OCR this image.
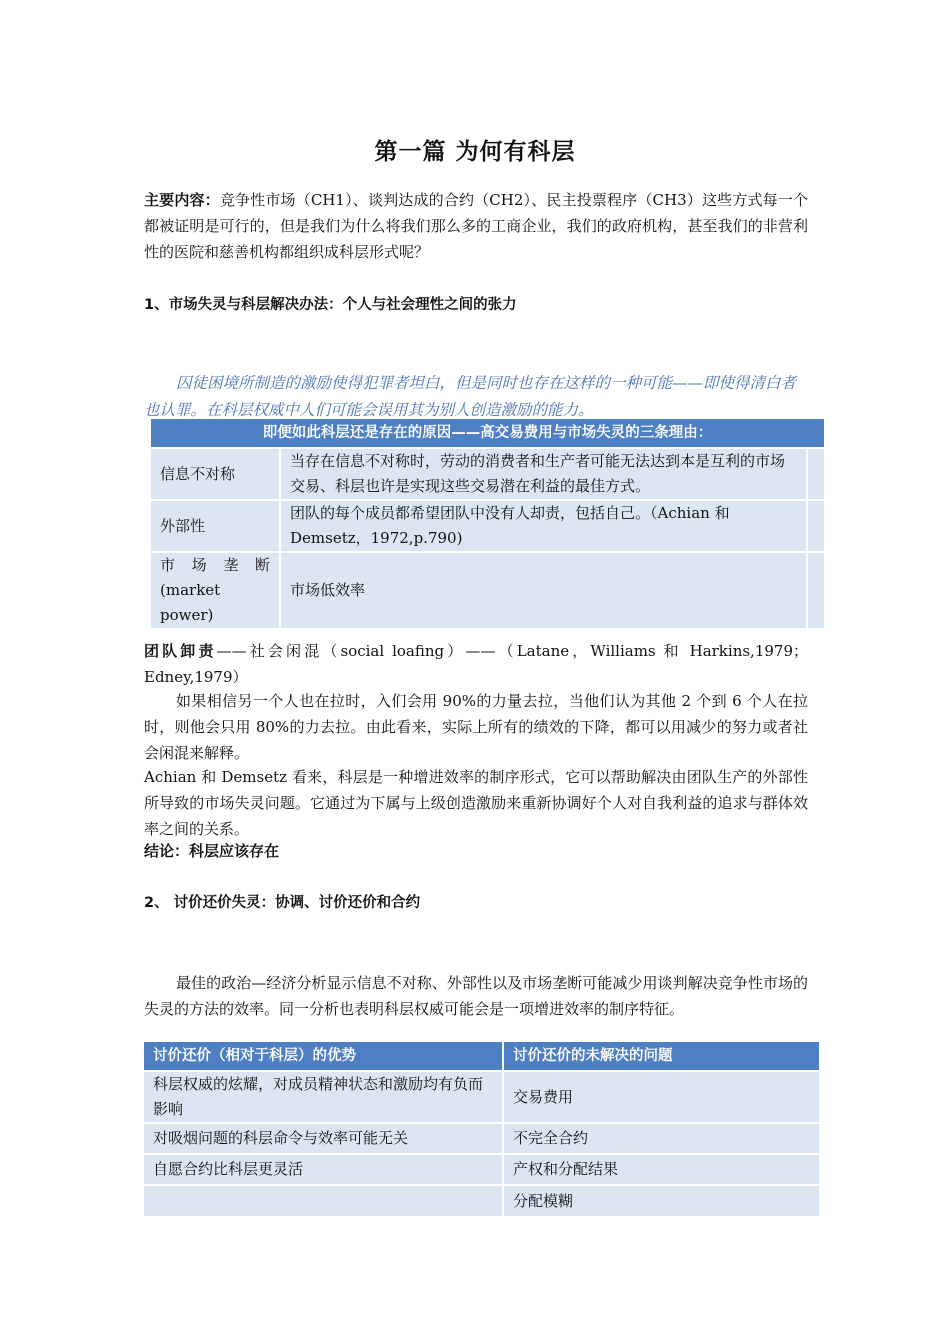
第一篇 为何有科层
主要内容：竞争性市场（CH1）、谈判达成的合约（CH2）、民主投票程序（CH3）这些方式每一个都被证明是可行的，但是我们为什么将我们那么多的工商企业，我们的政府机构，甚至我们的非营利性的医院和慈善机构都组织成科层形式呢？
1、市场失灵与科层解决办法：个人与社会理性之间的张力
囚徒困境所制造的激励使得犯罪者坦白，但是同时也存在这样的一种可能——即使得清白者也认罪。在科层权威中人们可能会误用其为别人创造激励的能力。
即便如此科层还是存在的原因——高交易费用与市场失灵的三条理由：		
信息不对称	当存在信息不对称时，劳动的消费者和生产者可能无法达到本是互利的市场交易、科层也许是实现这些交易潜在利益的最佳方式。	
外部性	团队的每个成员都希望团队中没有人却责，包括自己。（Achian 和 Demsetz，1972,p.790)	
市 场 垄 断 (market power)	市场低效率	
团队卸责——社会闲混（social loafing）——（Latane，Williams 和 Harkins,1979；Edney,1979）
如果相信另一个人也在拉时，入们会用 90%的力量去拉，当他们认为其他 2 个到 6 个人在拉时，则他会只用 80%的力去拉。由此看来，实际上所有的绩效的下降，都可以用减少的努力或者社会闲混来解释。
Achian 和 Demsetz 看来，科层是一种增进效率的制序形式，它可以帮助解决由团队生产的外部性所导致的市场失灵问题。它通过为下属与上级创造激励来重新协调好个人对自我利益的追求与群体效率之间的关系。
结论：科层应该存在
2、 讨价还价失灵：协调、讨价还价和合约
最佳的政治—经济分析显示信息不对称、外部性以及市场垄断可能减少用谈判解决竞争性市场的失灵的方法的效率。同一分析也表明科层权威可能会是一项增进效率的制序特征。
讨价还价（相对于科层）的优势	讨价还价的未解决的问题
科层权威的炫耀，对成员精神状态和激励均有负而影响	交易费用
对吸烟问题的科层命令与效率可能无关	不完全合约
自愿合约比科层更灵活	产权和分配结果
	分配模糊
